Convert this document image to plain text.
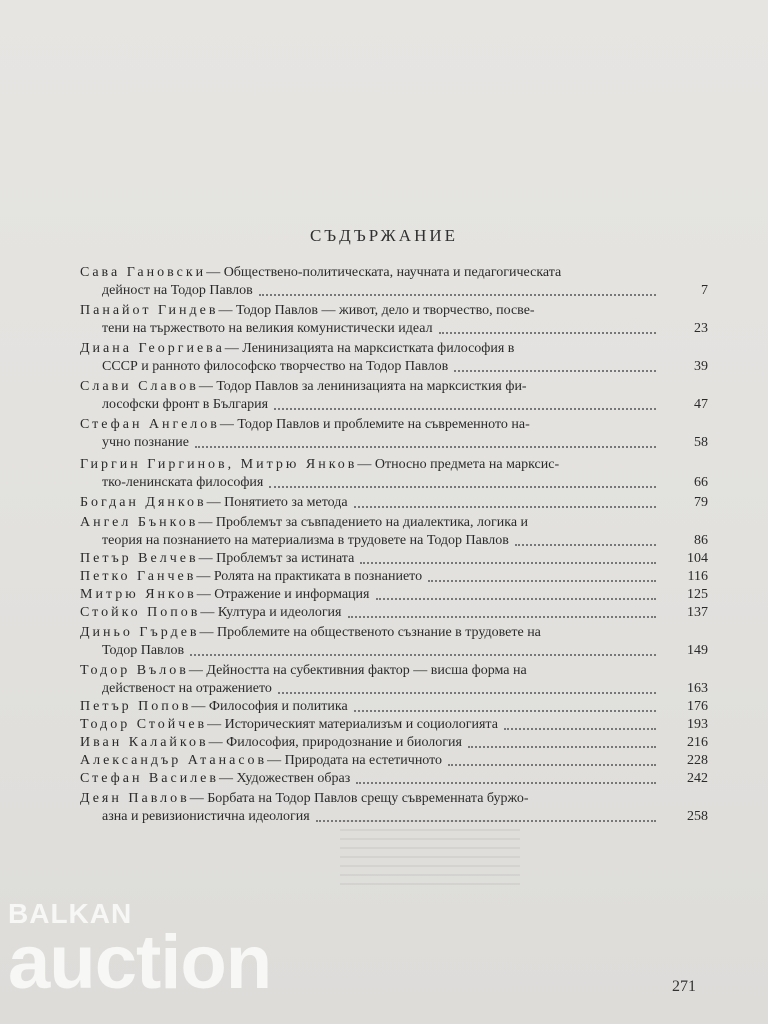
СЪДЪРЖАНИЕ
Сава Гановски— Обществено-политическата, научната и педагогическата
дейност на Тодор Павлов	7
Панайот Гиндев— Тодор Павлов — живот, дело и творчество, посве-
тени на тържеството на великия комунистически идеал	23
Диана Георгиева— Ленинизацията на марксистката философия в
СССР и ранното философско творчество на Тодор Павлов	39
Слави Славов— Тодор Павлов за ленинизацията на марксисткия фи-
лософски фронт в България	47
Стефан Ангелов— Тодор Павлов и проблемите на съвременното на-
учно познание	58
Гиргин Гиргинов, Митрю Янков— Относно предмета на марксис-
тко-ленинската философия	66
Богдан Дянков— Понятието за метода	79
Ангел Бънков— Проблемът за съвпадението на диалектика, логика и
теория на познанието на материализма в трудовете на Тодор Павлов	86
Петър Велчев— Проблемът за истината	104
Петко Ганчев— Ролята на практиката в познанието	116
Митрю Янков— Отражение и информация	125
Стойко Попов— Култура и идеология	137
Диньо Гърдев— Проблемите на общественото съзнание в трудовете на
Тодор Павлов	149
Тодор Вълов— Дейността на субективния фактор — висша форма на
действеност на отражението	163
Петър Попов— Философия и политика	176
Тодор Стойчев— Историческият материализъм и социологията	193
Иван Калайков— Философия, природознание и биология	216
Александър Атанасов— Природата на естетичното	228
Стефан Василев— Художествен образ	242
Деян Павлов— Борбата на Тодор Павлов срещу съвременната буржо-
азна и ревизионистична идеология	258
271
BALKAN
auction
